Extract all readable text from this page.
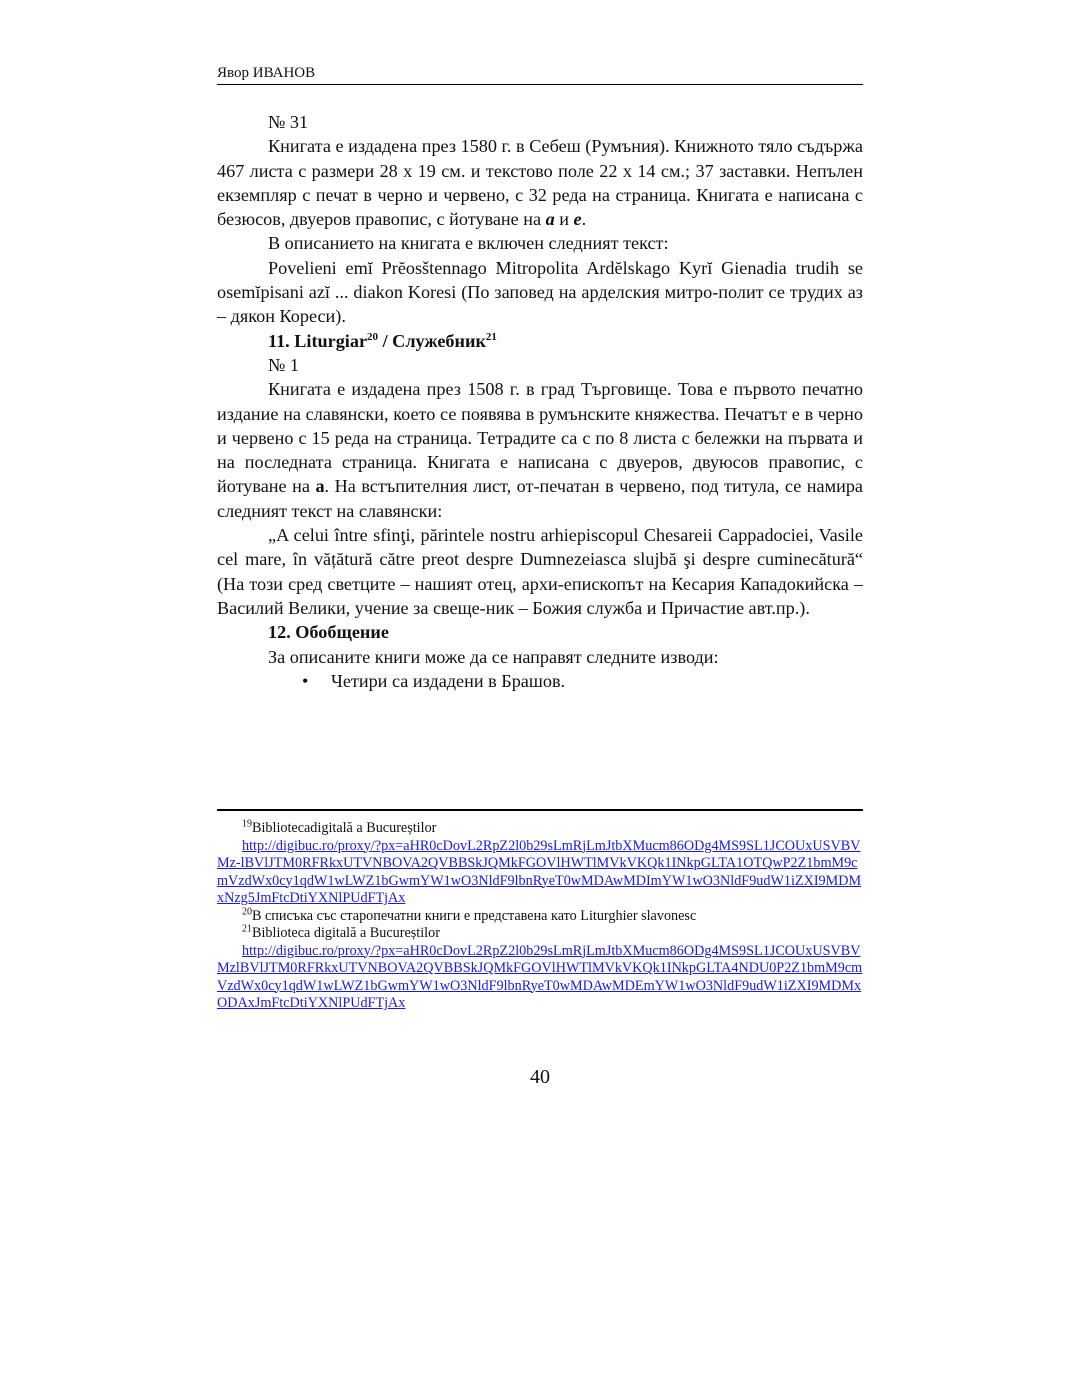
Явор ИВАНОВ

№ 31

Книгата е издадена през 1580 г. в Себеш (Румъния). Книжното тяло съдържа 467 листа с размери 28 x 19 см. и текстово поле 22 x 14 см.; 37 заставки. Непълен екземпляр с печат в черно и червено, с 32 реда на страница. Книгата е написана с безюсов, двуеров правопис, с йотуване на а и е.

В описанието на книгата е включен следният текст:

Povelieni emĭ Prĕosštennago Mitropolita Ardĕlskago Kyrĭ Gienadia trudih se osemĭpisani azĭ ... diakon Koresi (По заповед на арделския митро-полит се трудих аз – дякон Кореси).

11. Liturgiar$^{20}$ / Служебник$^{21}$

№ 1

Книгата е издадена през 1508 г. в град Търговище. Това е първото печатно издание на славянски, което се появява в румънските княжества. Печатът е в черно и червено с 15 реда на страница. Тетрадите са с по 8 листа с бележки на първата и на последната страница. Книгата е написана с двуеров, двуюсов правопис, с йотуване на а. На встъпителния лист, от-печатан в червено, под титула, се намира следният текст на славянски:

„A celui între sfinţi, părintele nostru arhiepiscopul Chesareii Cappadociei, Vasile cel mare, în vățătură către preot despre Dumnezeiasca slujbă şi despre cuminecătură“ (На този сред светците – нашият отец, архи-епископът на Кесария Кападокийска – Василий Велики, учение за свеще-ник – Божия служба и Причастие авт.пр.).

12. Обобщение

За описаните книги може да се направят следните изводи:

• Четири са издадени в Брашов.

$^{19}$Bibliotecadigitală a Bucureștilor

http://digibuc.ro/proxy/?px=aHR0cDovL2RpZ2l0b29sLmRjLmJtbXMucm86ODg4MS9SL1JCOUxUSVBVMz-lBVlJTM0RFRkxUTVNBOVA2QVBBSkJQMkFGOVlHWTlMVkVKQk1INkpGLTA1OTQwP2Z1bmM9cmVzdWx0cy1qdW1wLWZ1bGwmYW1wO3NldF9lbnRyeT0wMDAwMDImYW1wO3NldF9udW1iZXI9MDMxNzg5JmFtcDtiYXNlPUdFTjAx

$^{20}$В списъка със старопечатни книги е представена като Liturghier slavonesc

$^{21}$Biblioteca digitală a Bucureștilor

http://digibuc.ro/proxy/?px=aHR0cDovL2RpZ2l0b29sLmRjLmJtbXMucm86ODg4MS9SL1JCOUxUSVBVMzlBVlJTM0RFRkxUTVNBOVA2QVBBSkJQMkFGOVlHWTlMVkVKQk1INkpGLTA4NDU0P2Z1bmM9cmVzdWx0cy1qdW1wLWZ1bGwmYW1wO3NldF9lbnRyeT0wMDAwMDEmYW1wO3NldF9udW1iZXI9MDMxODAxJmFtcDtiYXNlPUdFTjAx

40
